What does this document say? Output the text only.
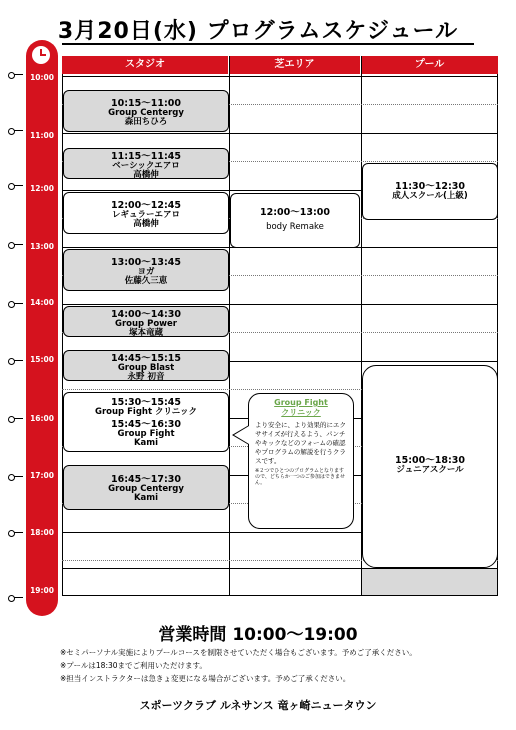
3月20日(水) プログラムスケジュール
10:00
11:00
12:00
13:00
14:00
15:00
16:00
17:00
18:00
19:00
スタジオ	芝エリア	プール
10:15～11:00
Group Centergy
森田ちひろ
11:15～11:45
ベーシックエアロ
高橋伸
12:00～12:45
レギュラーエアロ
高橋伸
13:00～13:45
ヨガ
佐藤久三恵
14:00～14:30
Group Power
塚本竜蔵
14:45～15:15
Group Blast
永野 初音
15:30～15:45
Group Fight クリニック
15:45～16:30
Group Fight
Kami
16:45～17:30
Group Centergy
Kami
12:00～13:00
body Remake
11:30～12:30
成人スクール(上級)
15:00～18:30
ジュニアスクール
Group Fight
クリニック
より安全に、より効果的にエクササイズが行えるよう、パンチやキックなどのフォームの確認やプログラムの解説を行うクラスです。
※２つでひとつのプログラムとなりますので、どちらか一つのご参加はできません。
営業時間 10:00～19:00
※セミパーソナル実施によりプールコースを制限させていただく場合もございます。予めご了承ください。
※プールは18:30までご利用いただけます。
※担当インストラクターは急きょ変更になる場合がございます。予めご了承ください。
スポーツクラブ ルネサンス 竜ヶ崎ニュータウン
